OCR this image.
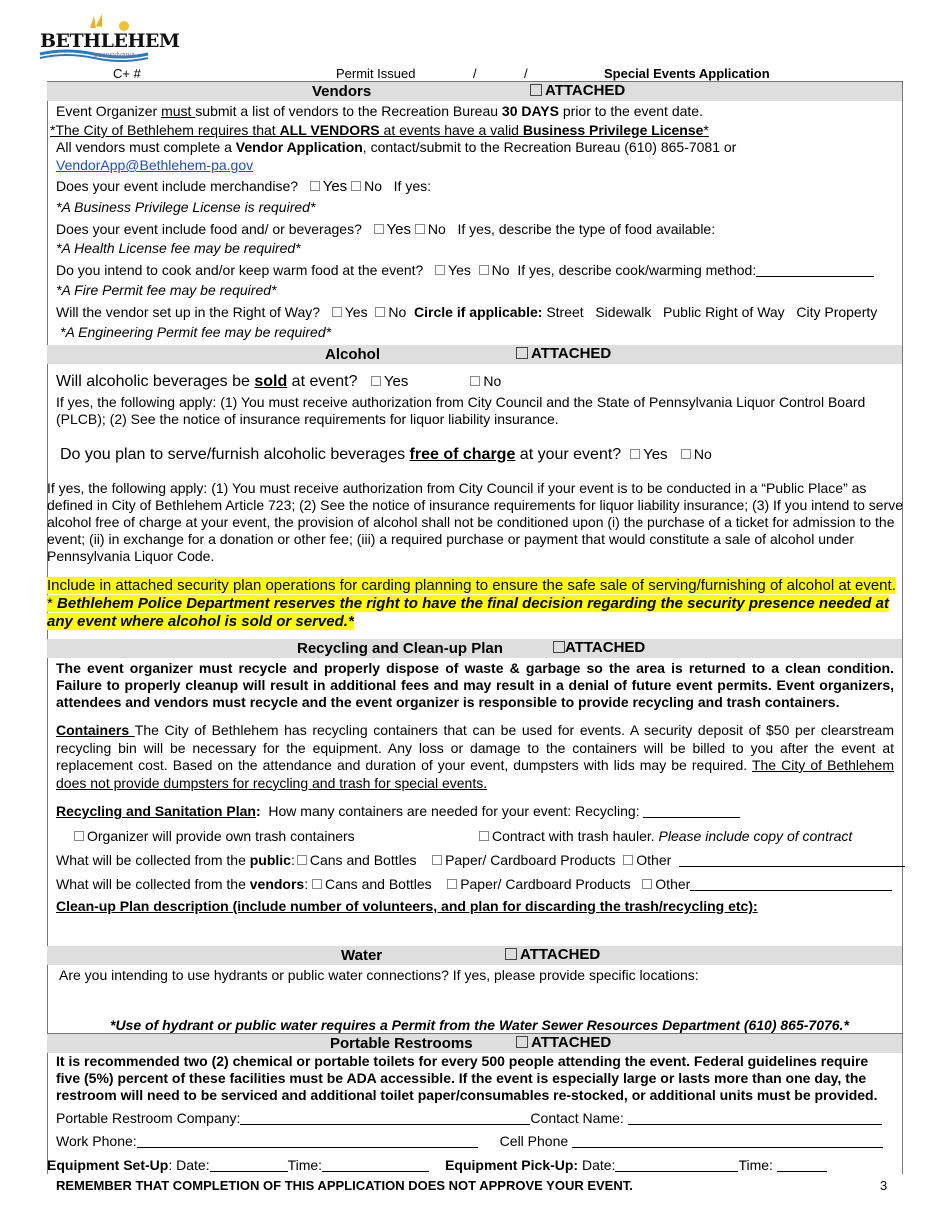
BETHLEHEM
pennsylvania
C+ #	Permit Issued	/	/	Special Events Application
Vendors	ATTACHED
Event Organizer must submit a list of vendors to the Recreation Bureau 30 DAYS prior to the event date.
*The City of Bethlehem requires that ALL VENDORS at events have a valid Business Privilege License*
All vendors must complete a Vendor Application, contact/submit to the Recreation Bureau (610) 865-7081 or
VendorApp@Bethlehem-pa.gov
Does your event include merchandise? Yes No If yes:
*A Business Privilege License is required*
Does your event include food and/ or beverages? Yes No If yes, describe the type of food available:
*A Health License fee may be required*
Do you intend to cook and/or keep warm food at the event? Yes No If yes, describe cook/warming method:
*A Fire Permit fee may be required*
Will the vendor set up in the Right of Way? Yes No Circle if applicable: Street Sidewalk Public Right of Way City Property
*A Engineering Permit fee may be required*
Alcohol	ATTACHED
Will alcoholic beverages be sold at event? Yes	No
If yes, the following apply: (1) You must receive authorization from City Council and the State of Pennsylvania Liquor Control Board (PLCB); (2) See the notice of insurance requirements for liquor liability insurance.
Do you plan to serve/furnish alcoholic beverages free of charge at your event? Yes No
If yes, the following apply: (1) You must receive authorization from City Council if your event is to be conducted in a “Public Place” as defined in City of Bethlehem Article 723; (2) See the notice of insurance requirements for liquor liability insurance; (3) If you intend to serve alcohol free of charge at your event, the provision of alcohol shall not be conditioned upon (i) the purchase of a ticket for admission to the event; (ii) in exchange for a donation or other fee; (iii) a required purchase or payment that would constitute a sale of alcohol under Pennsylvania Liquor Code.
Include in attached security plan operations for carding planning to ensure the safe sale of serving/furnishing of alcohol at event. * Bethlehem Police Department reserves the right to have the final decision regarding the security presence needed at any event where alcohol is sold or served.*
Recycling and Clean-up Plan	ATTACHED
The event organizer must recycle and properly dispose of waste & garbage so the area is returned to a clean condition. Failure to properly cleanup will result in additional fees and may result in a denial of future event permits. Event organizers, attendees and vendors must recycle and the event organizer is responsible to provide recycling and trash containers.
Containers The City of Bethlehem has recycling containers that can be used for events. A security deposit of $50 per clearstream recycling bin will be necessary for the equipment. Any loss or damage to the containers will be billed to you after the event at replacement cost. Based on the attendance and duration of your event, dumpsters with lids may be required. The City of Bethlehem does not provide dumpsters for recycling and trash for special events.
Recycling and Sanitation Plan: How many containers are needed for your event: Recycling:
Organizer will provide own trash containers	Contract with trash hauler. Please include copy of contract
What will be collected from the public: Cans and Bottles Paper/ Cardboard Products Other
What will be collected from the vendors: Cans and Bottles Paper/ Cardboard Products Other
Clean-up Plan description (include number of volunteers, and plan for discarding the trash/recycling etc):
Water	ATTACHED
Are you intending to use hydrants or public water connections? If yes, please provide specific locations:
*Use of hydrant or public water requires a Permit from the Water Sewer Resources Department (610) 865-7076.*
Portable Restrooms	ATTACHED
It is recommended two (2) chemical or portable toilets for every 500 people attending the event. Federal guidelines require five (5%) percent of these facilities must be ADA accessible. If the event is especially large or lasts more than one day, the restroom will need to be serviced and additional toilet paper/consumables re-stocked, or additional units must be provided.
Portable Restroom Company:	Contact Name:
Work Phone:	Cell Phone
Equipment Set-Up: Date:	Time:	Equipment Pick-Up: Date:	Time:
REMEMBER THAT COMPLETION OF THIS APPLICATION DOES NOT APPROVE YOUR EVENT.	3
